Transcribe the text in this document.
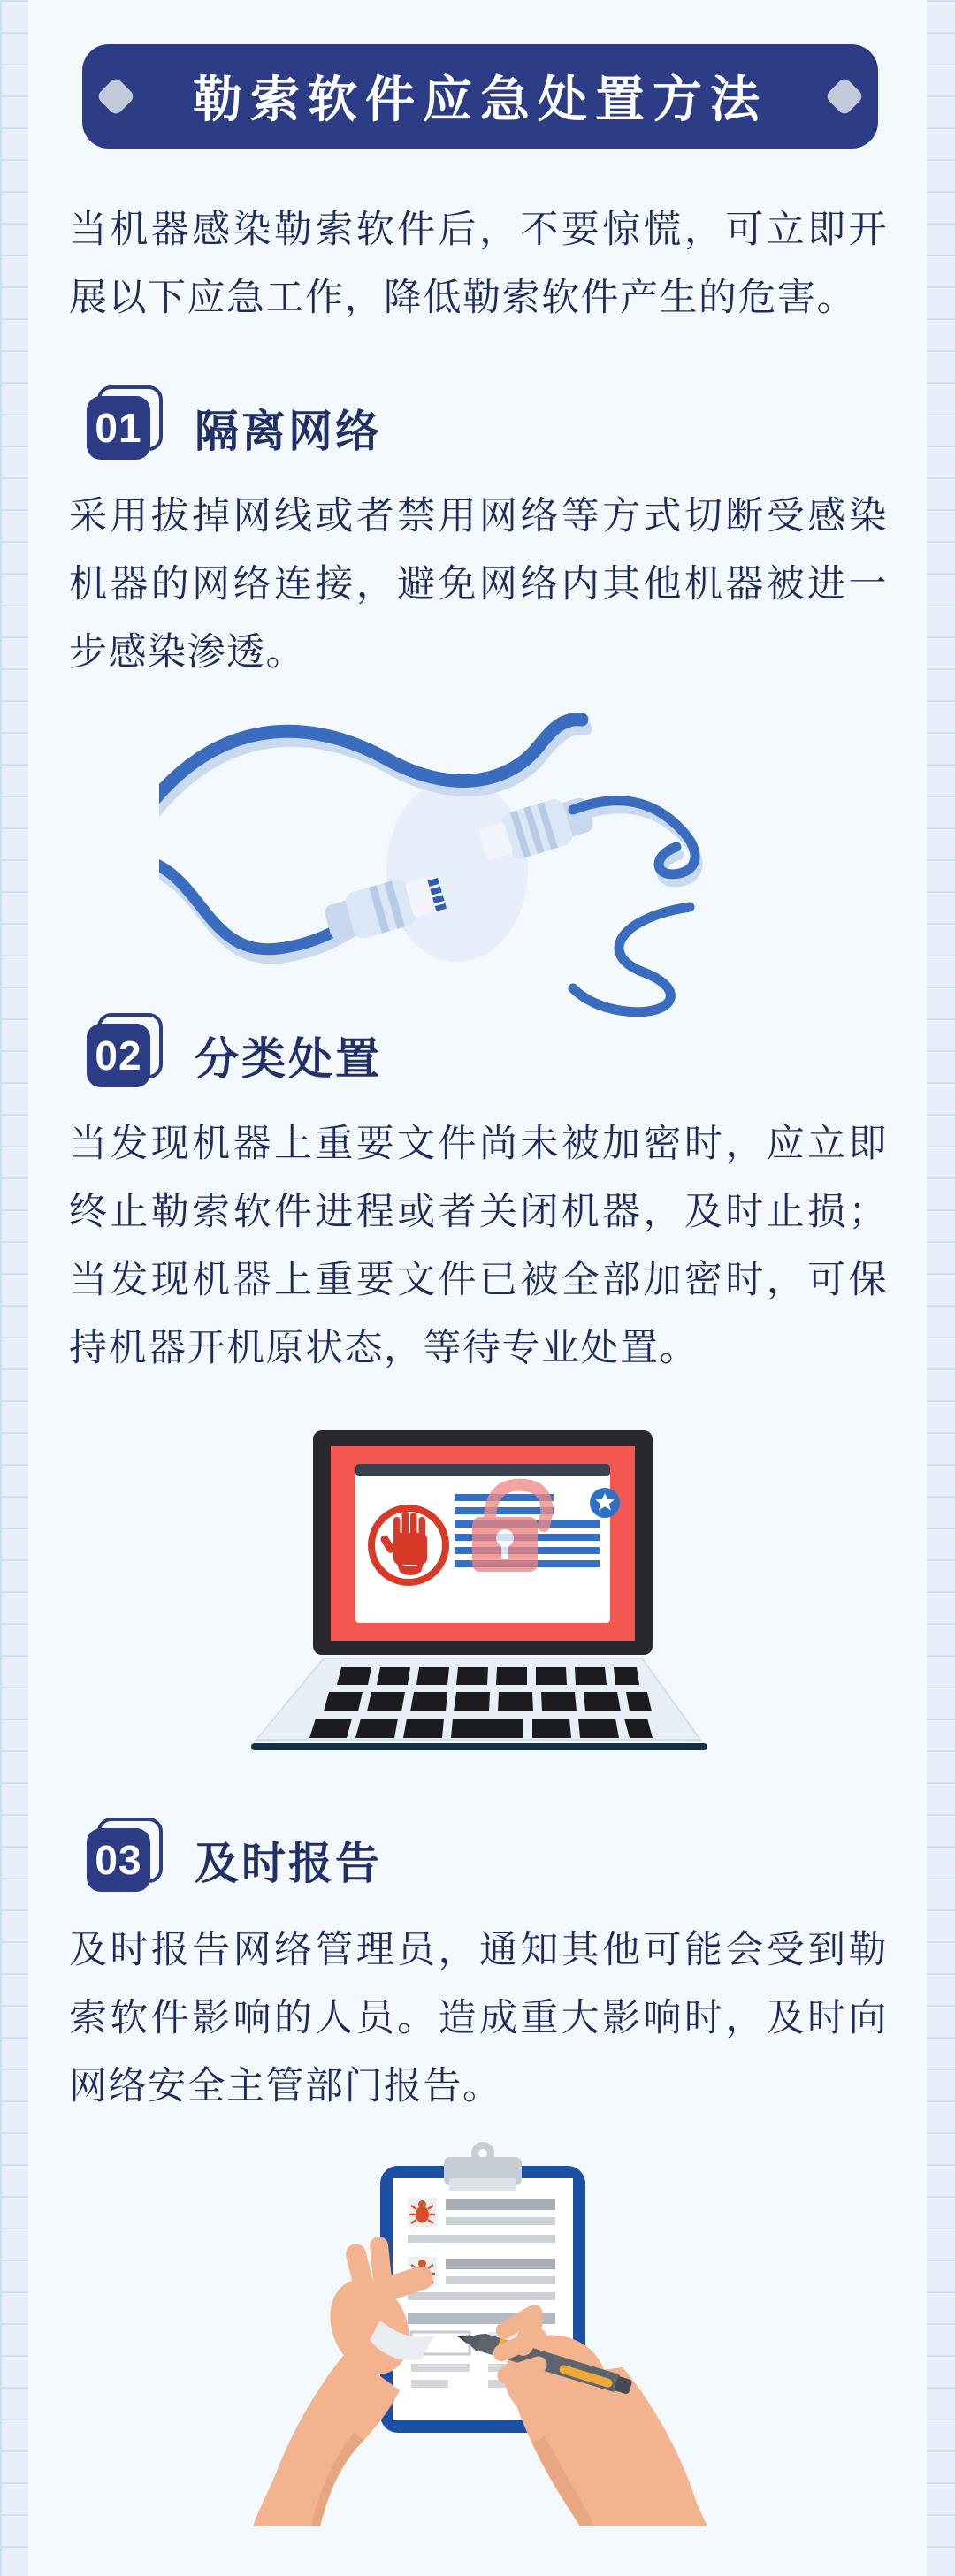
勒索软件应急处置方法
当机器感染勒索软件后，不要惊慌，可立即开展以下应急工作，降低勒索软件产生的危害。
01 隔离网络
采用拔掉网线或者禁用网络等方式切断受感染机器的网络连接，避免网络内其他机器被进一步感染渗透。
02 分类处置
当发现机器上重要文件尚未被加密时，应立即终止勒索软件进程或者关闭机器，及时止损；当发现机器上重要文件已被全部加密时，可保持机器开机原状态，等待专业处置。
03 及时报告
及时报告网络管理员，通知其他可能会受到勒索软件影响的人员。造成重大影响时，及时向网络安全主管部门报告。
